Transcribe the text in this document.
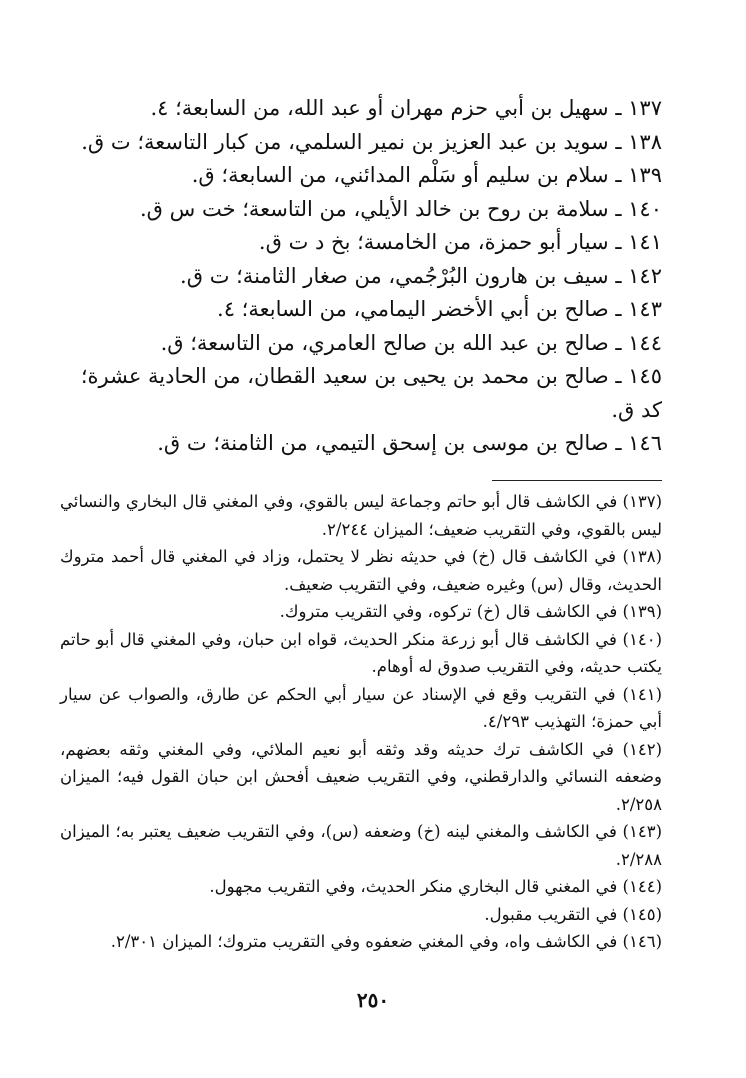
١٣٧ ـ سهيل بن أبي حزم مهران أو عبد الله، من السابعة؛ ٤.

١٣٨ ـ سويد بن عبد العزيز بن نمير السلمي، من كبار التاسعة؛ ت ق.

١٣٩ ـ سلام بن سليم أو سَلْم المدائني، من السابعة؛ ق.

١٤٠ ـ سلامة بن روح بن خالد الأيلي، من التاسعة؛ خت س ق.

١٤١ ـ سيار أبو حمزة، من الخامسة؛ بخ د ت ق.

١٤٢ ـ سيف بن هارون البُرْجُمي، من صغار الثامنة؛ ت ق.

١٤٣ ـ صالح بن أبي الأخضر اليمامي، من السابعة؛ ٤.

١٤٤ ـ صالح بن عبد الله بن صالح العامري، من التاسعة؛ ق.

١٤٥ ـ صالح بن محمد بن يحيى بن سعيد القطان، من الحادية عشرة؛ كد ق.

١٤٦ ـ صالح بن موسى بن إسحق التيمي، من الثامنة؛ ت ق.

(١٣٧) في الكاشف قال أبو حاتم وجماعة ليس بالقوي، وفي المغني قال البخاري والنسائي ليس بالقوي، وفي التقريب ضعيف؛ الميزان ٢/٢٤٤.

(١٣٨) في الكاشف قال (خ) في حديثه نظر لا يحتمل، وزاد في المغني قال أحمد متروك الحديث، وقال (س) وغيره ضعيف، وفي التقريب ضعيف.

(١٣٩) في الكاشف قال (خ) تركوه، وفي التقريب متروك.

(١٤٠) في الكاشف قال أبو زرعة منكر الحديث، قواه ابن حبان، وفي المغني قال أبو حاتم يكتب حديثه، وفي التقريب صدوق له أوهام.

(١٤١) في التقريب وقع في الإسناد عن سيار أبي الحكم عن طارق، والصواب عن سيار أبي حمزة؛ التهذيب ٤/٢٩٣.

(١٤٢) في الكاشف ترك حديثه وقد وثقه أبو نعيم الملائي، وفي المغني وثقه بعضهم، وضعفه النسائي والدارقطني، وفي التقريب ضعيف أفحش ابن حبان القول فيه؛ الميزان ٢/٢٥٨.

(١٤٣) في الكاشف والمغني لينه (خ) وضعفه (س)، وفي التقريب ضعيف يعتبر به؛ الميزان ٢/٢٨٨.

(١٤٤) في المغني قال البخاري منكر الحديث، وفي التقريب مجهول.

(١٤٥) في التقريب مقبول.

(١٤٦) في الكاشف واه، وفي المغني ضعفوه وفي التقريب متروك؛ الميزان ٢/٣٠١.

٢٥٠
